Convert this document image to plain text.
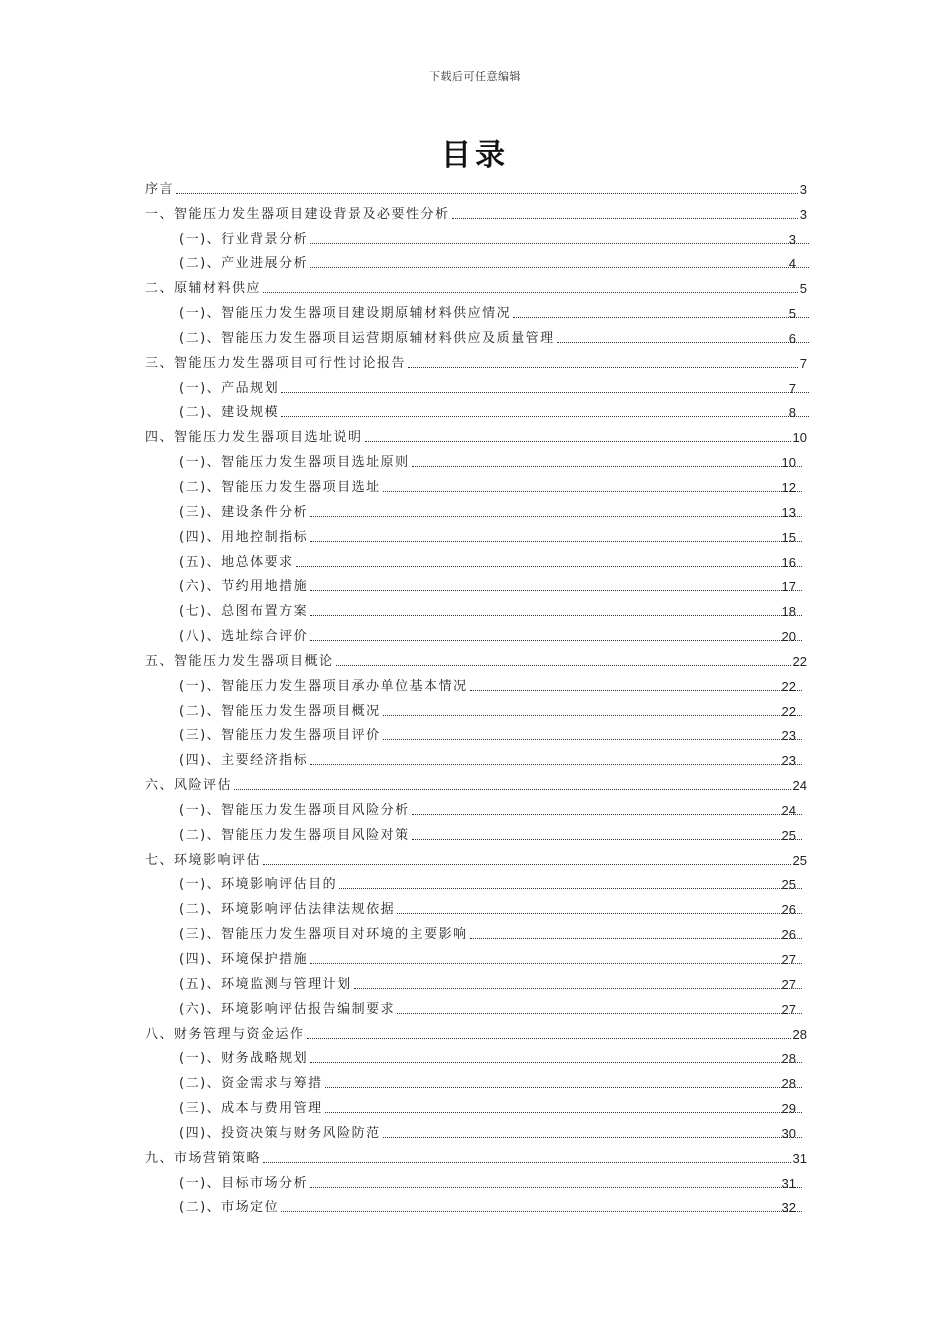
下载后可任意编辑
目录
序言	3
一、智能压力发生器项目建设背景及必要性分析	3
(一)、行业背景分析	3
(二)、产业进展分析	4
二、原辅材料供应	5
(一)、智能压力发生器项目建设期原辅材料供应情况	5
(二)、智能压力发生器项目运营期原辅材料供应及质量管理	6
三、智能压力发生器项目可行性讨论报告	7
(一)、产品规划	7
(二)、建设规模	8
四、智能压力发生器项目选址说明	10
(一)、智能压力发生器项目选址原则	10
(二)、智能压力发生器项目选址	12
(三)、建设条件分析	13
(四)、用地控制指标	15
(五)、地总体要求	16
(六)、节约用地措施	17
(七)、总图布置方案	18
(八)、选址综合评价	20
五、智能压力发生器项目概论	22
(一)、智能压力发生器项目承办单位基本情况	22
(二)、智能压力发生器项目概况	22
(三)、智能压力发生器项目评价	23
(四)、主要经济指标	23
六、风险评估	24
(一)、智能压力发生器项目风险分析	24
(二)、智能压力发生器项目风险对策	25
七、环境影响评估	25
(一)、环境影响评估目的	25
(二)、环境影响评估法律法规依据	26
(三)、智能压力发生器项目对环境的主要影响	26
(四)、环境保护措施	27
(五)、环境监测与管理计划	27
(六)、环境影响评估报告编制要求	27
八、财务管理与资金运作	28
(一)、财务战略规划	28
(二)、资金需求与筹措	28
(三)、成本与费用管理	29
(四)、投资决策与财务风险防范	30
九、市场营销策略	31
(一)、目标市场分析	31
(二)、市场定位	32
